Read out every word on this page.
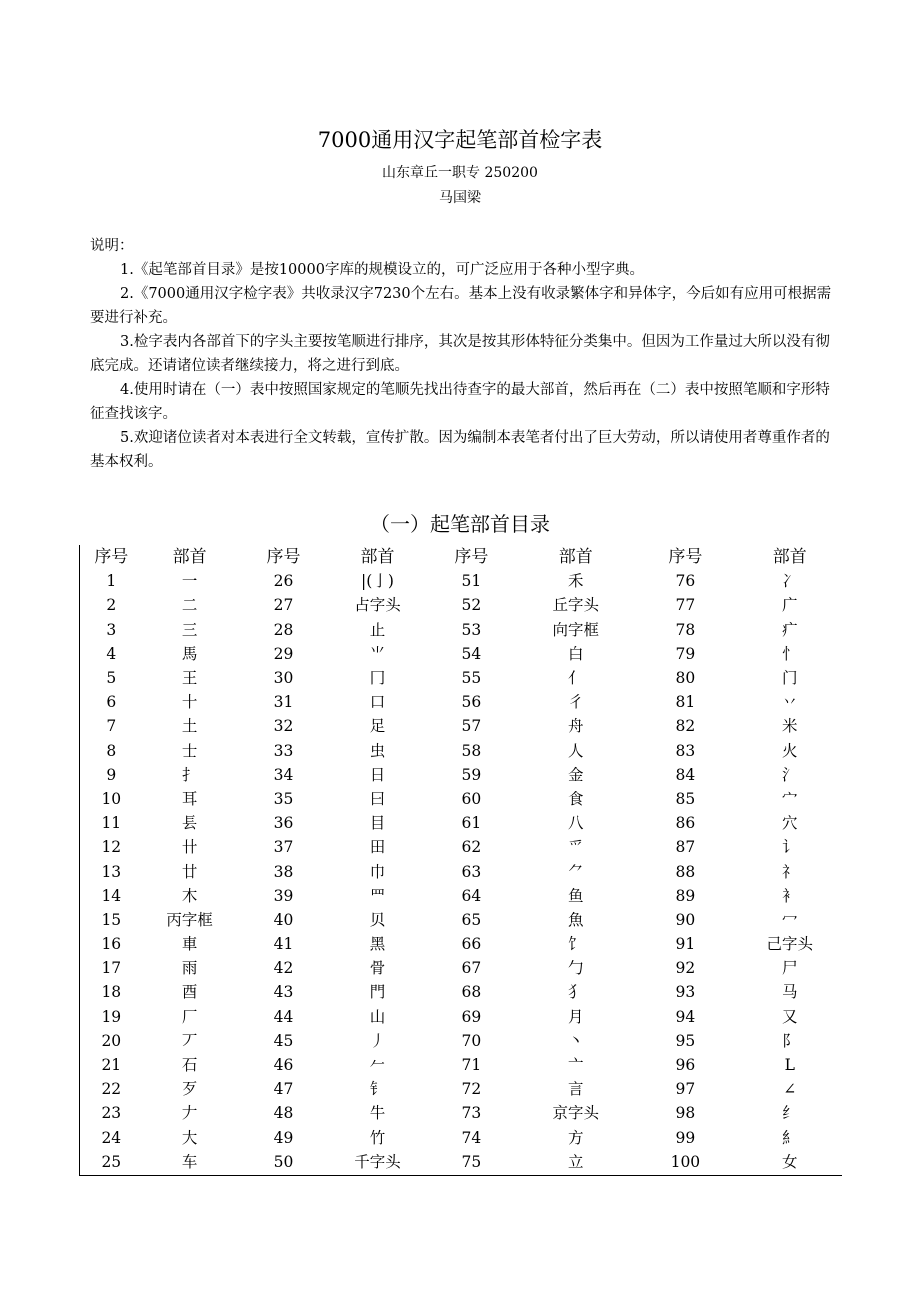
7000通用汉字起笔部首检字表
山东章丘一职专 250200
马国梁

说明：

1.《起笔部首目录》是按10000字库的规模设立的，可广泛应用于各种小型字典。

2.《7000通用汉字检字表》共收录汉字7230个左右。基本上没有收录繁体字和异体字，今后如有应用可根据需要进行补充。

3.检字表内各部首下的字头主要按笔顺进行排序，其次是按其形体特征分类集中。但因为工作量过大所以没有彻底完成。还请诸位读者继续接力，将之进行到底。

4.使用时请在（一）表中按照国家规定的笔顺先找出待查字的最大部首，然后再在（二）表中按照笔顺和字形特征查找该字。

5.欢迎诸位读者对本表进行全文转载，宣传扩散。因为编制本表笔者付出了巨大劳动，所以请使用者尊重作者的基本权利。

（一）起笔部首目录
序号	部首	序号	部首	序号	部首	序号	部首
1	一	26	|(亅)	51	禾	76	冫
2	二	27	占字头	52	丘字头	77	广
3	三	28	止	53	向字框	78	疒
4	馬	29	⺌	54	白	79	忄
5	王	30	冂	55	亻	80	门
6	十	31	口	56	彳	81	丷
7	土	32	足	57	舟	82	米
8	士	33	虫	58	人	83	火
9	扌	34	日	59	金	84	氵
10	耳	35	曰	60	食	85	宀
11	镸	36	目	61	八	86	穴
12	卄	37	田	62	爫	87	讠
13	廿	38	巾	63	⺈	88	礻
14	木	39	罒	64	鱼	89	衤
15	丙字框	40	贝	65	魚	90	冖
16	車	41	黑	66	饣	91	己字头
17	雨	42	骨	67	勹	92	尸
18	酉	43	門	68	犭	93	马
19	厂	44	山	69	月	94	又
20	丆	45	丿	70	丶	95	阝
21	石	46	𠂉	71	亠	96	L
22	歹	47	钅	72	言	97	∠
23	𠂇	48	牛	73	京字头	98	纟
24	大	49	竹	74	方	99	糹
25	车	50	千字头	75	立	100	女
